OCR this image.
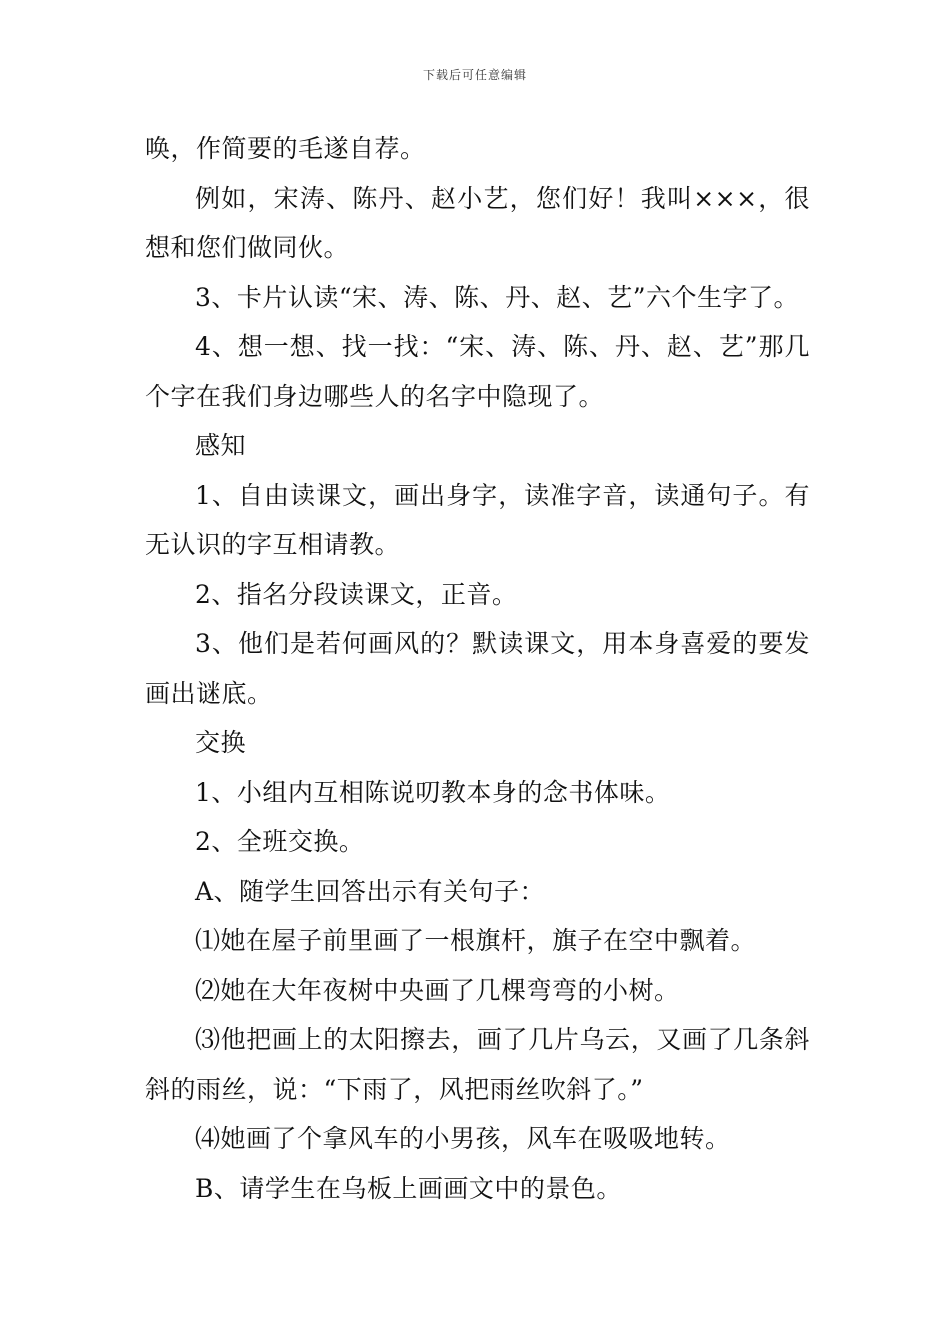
下载后可任意编辑

唤，作简要的毛遂自荐。

例如，宋涛、陈丹、赵小艺，您们好！我叫×××，很想和您们做同伙。

3、卡片认读“宋、涛、陈、丹、赵、艺”六个生字了。

4、想一想、找一找：“宋、涛、陈、丹、赵、艺”那几个字在我们身边哪些人的名字中隐现了。

感知

1、自由读课文，画出身字，读准字音，读通句子。有无认识的字互相请教。

2、指名分段读课文，正音。

3、他们是若何画风的？默读课文，用本身喜爱的要发画出谜底。

交换

1、小组内互相陈说叨教本身的念书体味。

2、全班交换。

A、随学生回答出示有关句子：

⑴她在屋子前里画了一根旗杆，旗子在空中飘着。

⑵她在大年夜树中央画了几棵弯弯的小树。

⑶他把画上的太阳擦去，画了几片乌云，又画了几条斜斜的雨丝，说：“下雨了，风把雨丝吹斜了。”

⑷她画了个拿风车的小男孩，风车在吸吸地转。

B、请学生在乌板上画画文中的景色。
